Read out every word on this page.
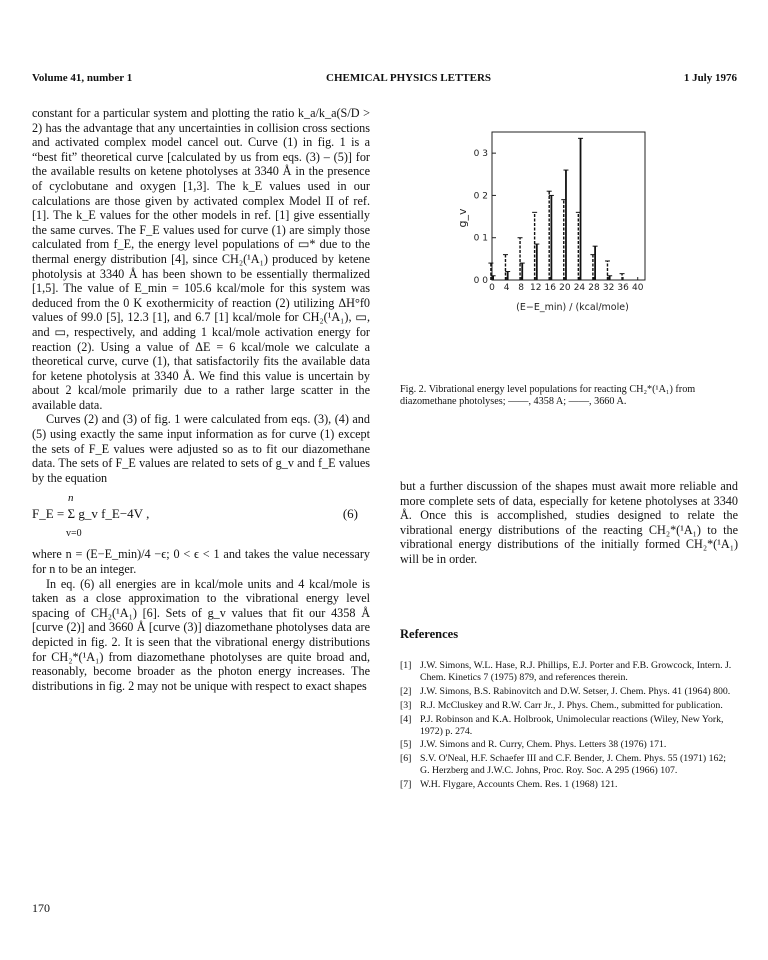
Volume 41, number 1	CHEMICAL PHYSICS LETTERS	1 July 1976

constant for a particular system and plotting the ratio k_a/k_a(S/D > 2) has the advantage that any uncertainties in collision cross sections and activated complex model cancel out. Curve (1) in fig. 1 is a “best fit” theoretical curve [calculated by us from eqs. (3) – (5)] for the available results on ketene photolyses at 3340 Å in the presence of cyclobutane and oxygen [1,3]. The k_E values used in our calculations are those given by activated complex Model II of ref. [1]. The k_E values for the other models in ref. [1] give essentially the same curves. The F_E values used for curve (1) are simply those calculated from f_E, the energy level populations of ▭* due to the thermal energy distribution [4], since CH₂(¹A₁) produced by ketene photolysis at 3340 Å has been shown to be essentially thermalized [1,5]. The value of E_min = 105.6 kcal/mole for this system was deduced from the 0 K exothermicity of reaction (2) utilizing ΔH°f0 values of 99.0 [5], 12.3 [1], and 6.7 [1] kcal/mole for CH₂(¹A₁), ▭, and ▭, respectively, and adding 1 kcal/mole activation energy for reaction (2). Using a value of ΔE = 6 kcal/mole we calculate a theoretical curve, curve (1), that satisfactorily fits the available data for ketene photolysis at 3340 Å. We find this value is uncertain by about 2 kcal/mole primarily due to a rather large scatter in the available data.

Curves (2) and (3) of fig. 1 were calculated from eqs. (3), (4) and (5) using exactly the same input information as for curve (1) except the sets of F_E values were adjusted so as to fit our diazomethane data. The sets of F_E values are related to sets of g_v and f_E values by the equation

n
F_E = Σ g_v f_E−4V ,
v=0
(6)

where n = (E−E_min)/4 −ϵ; 0 < ϵ < 1 and takes the value necessary for n to be an integer.

In eq. (6) all energies are in kcal/mole units and 4 kcal/mole is taken as a close approximation to the vibrational energy level spacing of CH₂(¹A₁) [6]. Sets of g_v values that fit our 4358 Å [curve (2)] and 3660 Å [curve (3)] diazomethane photolyses data are depicted in fig. 2. It is seen that the vibrational energy distributions for CH₂*(¹A₁) from diazomethane photolyses are quite broad and, reasonably, become broader as the photon energy increases. The distributions in fig. 2 may not be unique with respect to exact shapes

0 0
0 1
0 2
0 3
0 4 8 12 16 20 24 28 32 36 40
g_v
(E−E_min) / (kcal/mole)
Fig. 2. Vibrational energy level populations for reacting CH₂*(¹A₁) from diazomethane photolyses; ——, 4358 A; ——, 3660 A.

but a further discussion of the shapes must await more reliable and more complete sets of data, especially for ketene photolyses at 3340 Å. Once this is accomplished, studies designed to relate the vibrational energy distributions of the reacting CH₂*(¹A₁) to the vibrational energy distributions of the initially formed CH₂*(¹A₁) will be in order.

References
[1] J.W. Simons, W.L. Hase, R.J. Phillips, E.J. Porter and F.B. Growcock, Intern. J. Chem. Kinetics 7 (1975) 879, and references therein.
[2] J.W. Simons, B.S. Rabinovitch and D.W. Setser, J. Chem. Phys. 41 (1964) 800.
[3] R.J. McCluskey and R.W. Carr Jr., J. Phys. Chem., submitted for publication.
[4] P.J. Robinson and K.A. Holbrook, Unimolecular reactions (Wiley, New York, 1972) p. 274.
[5] J.W. Simons and R. Curry, Chem. Phys. Letters 38 (1976) 171.
[6] S.V. O'Neal, H.F. Schaefer III and C.F. Bender, J. Chem. Phys. 55 (1971) 162;
G. Herzberg and J.W.C. Johns, Proc. Roy. Soc. A 295 (1966) 107.
[7] W.H. Flygare, Accounts Chem. Res. 1 (1968) 121.
170
